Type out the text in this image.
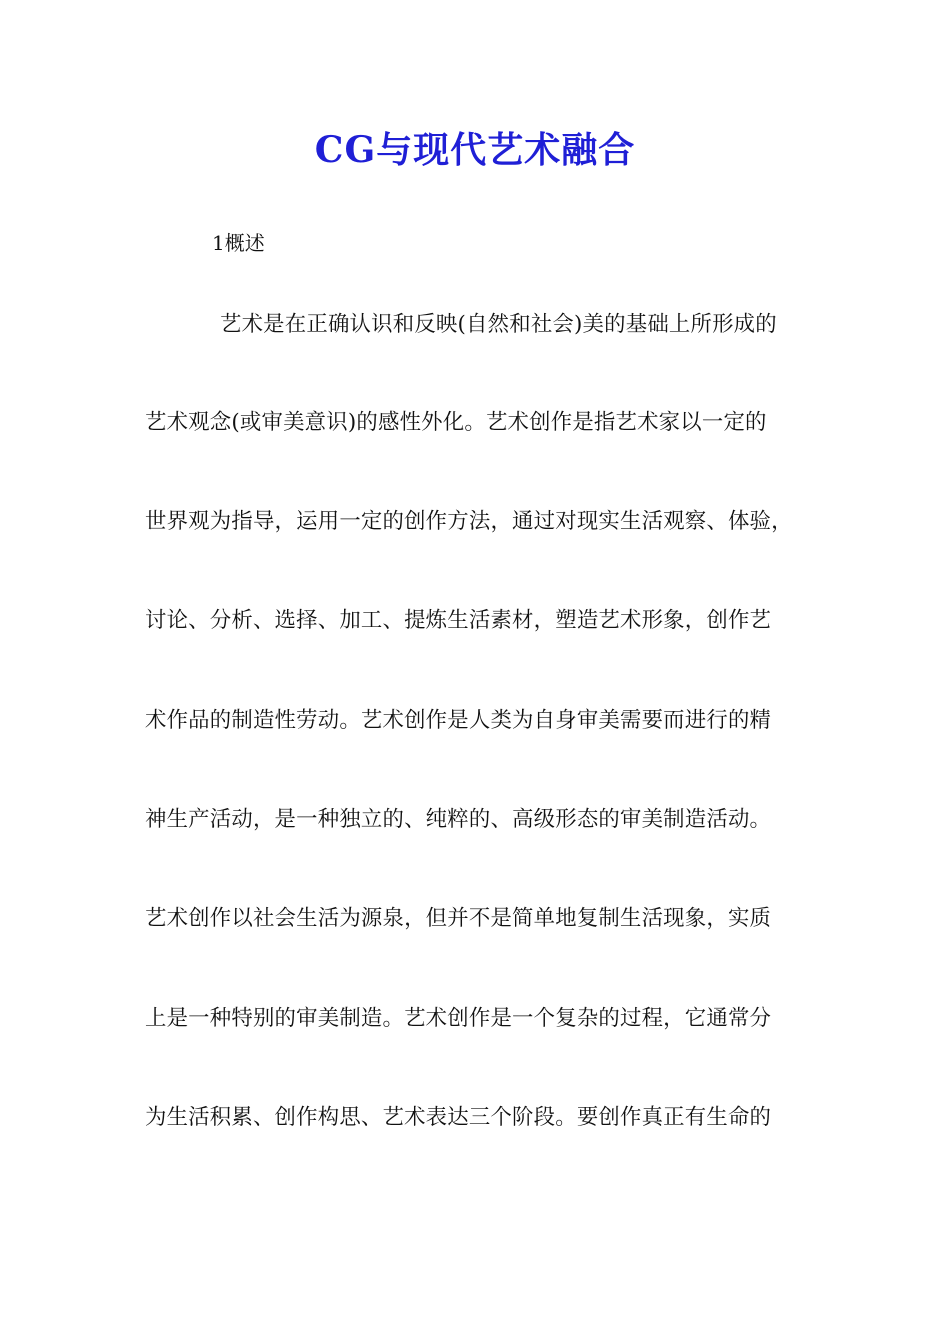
CG与现代艺术融合
1概述
艺术是在正确认识和反映(自然和社会)美的基础上所形成的
艺术观念(或审美意识)的感性外化。艺术创作是指艺术家以一定的
世界观为指导，运用一定的创作方法，通过对现实生活观察、体验，
讨论、分析、选择、加工、提炼生活素材，塑造艺术形象，创作艺
术作品的制造性劳动。艺术创作是人类为自身审美需要而进行的精
神生产活动，是一种独立的、纯粹的、高级形态的审美制造活动。
艺术创作以社会生活为源泉，但并不是简单地复制生活现象，实质
上是一种特别的审美制造。艺术创作是一个复杂的过程，它通常分
为生活积累、创作构思、艺术表达三个阶段。要创作真正有生命的
